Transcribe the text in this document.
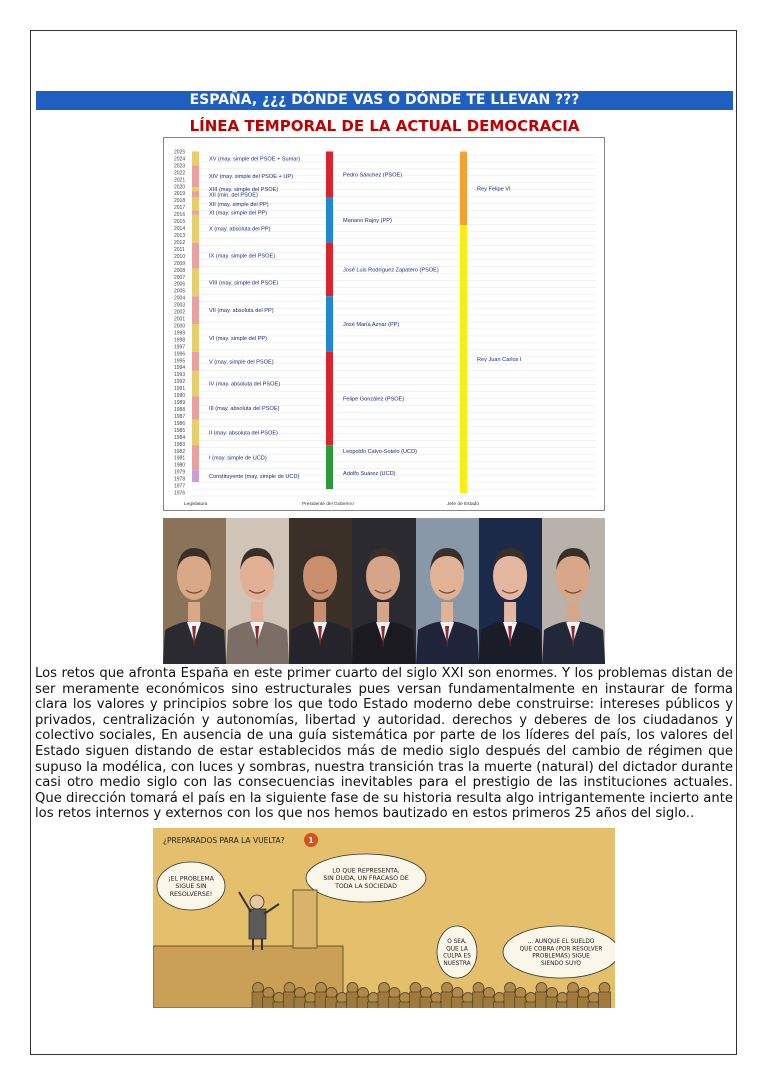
ESPAÑA, ¿¿¿ DÓNDE VAS O DÓNDE TE LLEVAN ???
LÍNEA TEMPORAL DE LA ACTUAL DEMOCRACIA
2025
2024
2023
2022
2021
2020
2019
2018
2017
2016
2015
2014
2013
2012
2011
2010
2009
2008
2007
2006
2005
2004
2003
2002
2001
2000
1999
1998
1997
1996
1995
1994
1993
1992
1991
1990
1989
1988
1987
1986
1985
1984
1983
1982
1981
1980
1979
1978
1977
1976
XV (may. simple del PSOE + Sumar)
XIV (may. simple del PSOE + UP)
XIII (may. simple del PSOE)
XII (min. del PSOE)
XII (may. simple del PP)
XI (may. simple del PP)
X (may. absoluta del PP)
IX (may. simple del PSOE)
VIII (may. simple del PSOE)
VII (may. absoluta del PP)
VI (may. simple del PP)
V (may. simple del PSOE)
IV (may. absoluta del PSOE)
III (may. absoluta del PSOE)
II (may. absoluta del PSOE)
I (may. simple de UCD)
Constituyente (may. simple de UCD)
Pedro Sánchez (PSOE)
Mariano Rajoy (PP)
José Luis Rodríguez Zapatero (PSOE)
José María Aznar (PP)
Felipe González (PSOE)
Leopoldo Calvo-Sotelo (UCD)
Adolfo Suárez (UCD)
Rey Felipe VI
Rey Juan Carlos I
Legislatura	Presidente del Gobierno	Jefe de Estado
Los retos que afronta España en este primer cuarto del siglo XXI son enormes. Y los problemas distan de ser meramente económicos sino estructurales pues versan fundamentalmente en instaurar de forma clara los valores y principios sobre los que todo Estado moderno debe construirse: intereses públicos y privados, centralización y autonomías, libertad y autoridad. derechos y deberes de los ciudadanos y colectivo sociales, En ausencia de una guía sistemática por parte de los líderes del país, los valores del Estado siguen distando de estar establecidos más de medio siglo después del cambio de régimen que supuso la modélica, con luces y sombras, nuestra transición tras la muerte (natural) del dictador durante casi otro medio siglo con las consecuencias inevitables para el prestigio de las instituciones actuales. Que dirección tomará el país en la siguiente fase de su historia resulta algo intrigantemente incierto ante los retos internos y externos con los que nos hemos bautizado en estos primeros 25 años del siglo..
¿PREPARADOS PARA LA VUELTA?	1
¡EL PROBLEMA
SIGUE SIN
RESOLVERSE!
LO QUE REPRESENTA,
SIN DUDA, UN FRACASO DE
TODA LA SOCIEDAD
O SEA,
QUE LA
CULPA ES
NUESTRA
... AUNQUE EL SUELDO
QUE COBRA (POR RESOLVER
PROBLEMAS) SIGUE
SIENDO SUYO
